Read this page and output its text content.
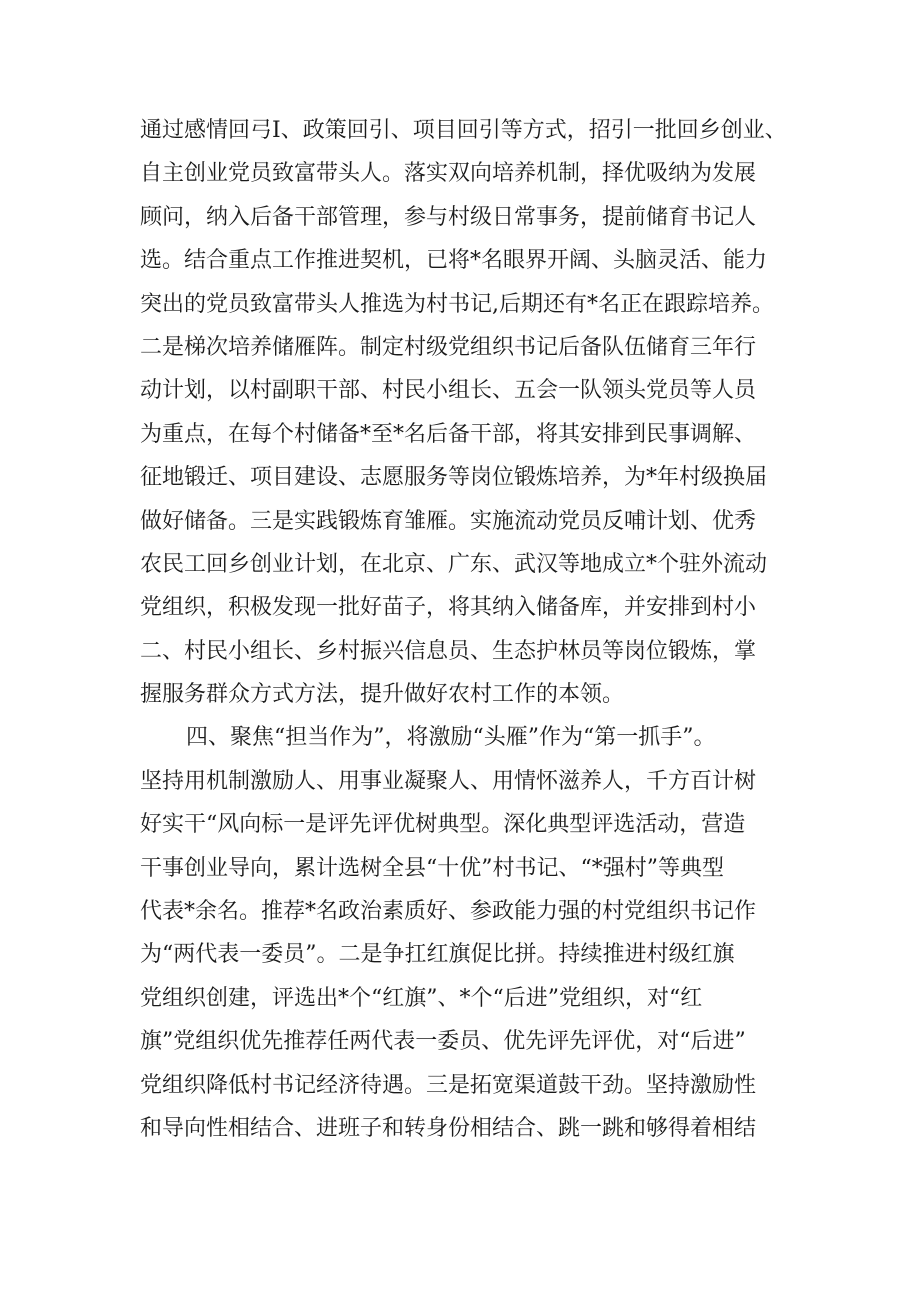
通过感情回弓I、政策回引、项目回引等方式，招引一批回乡创业、
自主创业党员致富带头人。落实双向培养机制，择优吸纳为发展
顾问，纳入后备干部管理，参与村级日常事务，提前储育书记人
选。结合重点工作推进契机，已将*名眼界开阔、头脑灵活、能力
突出的党员致富带头人推选为村书记,后期还有*名正在跟踪培养。
二是梯次培养储雁阵。制定村级党组织书记后备队伍储育三年行
动计划，以村副职干部、村民小组长、五会一队领头党员等人员
为重点，在每个村储备*至*名后备干部，将其安排到民事调解、
征地锻迁、项目建设、志愿服务等岗位锻炼培养，为*年村级换届
做好储备。三是实践锻炼育雏雁。实施流动党员反哺计划、优秀
农民工回乡创业计划，在北京、广东、武汉等地成立*个驻外流动
党组织，积极发现一批好苗子，将其纳入储备库，并安排到村小
二、村民小组长、乡村振兴信息员、生态护林员等岗位锻炼，掌
握服务群众方式方法，提升做好农村工作的本领。
四、聚焦“担当作为”，将激励“头雁”作为“第一抓手”。
坚持用机制激励人、用事业凝聚人、用情怀滋养人，千方百计树
好实干“风向标一是评先评优树典型。深化典型评选活动，营造
干事创业导向，累计选树全县“十优”村书记、“*强村”等典型
代表*余名。推荐*名政治素质好、参政能力强的村党组织书记作
为“两代表一委员”。二是争扛红旗促比拼。持续推进村级红旗
党组织创建，评选出*个“红旗”、*个“后进”党组织，对“红
旗”党组织优先推荐任两代表一委员、优先评先评优，对“后进”
党组织降低村书记经济待遇。三是拓宽渠道鼓干劲。坚持激励性
和导向性相结合、进班子和转身份相结合、跳一跳和够得着相结
